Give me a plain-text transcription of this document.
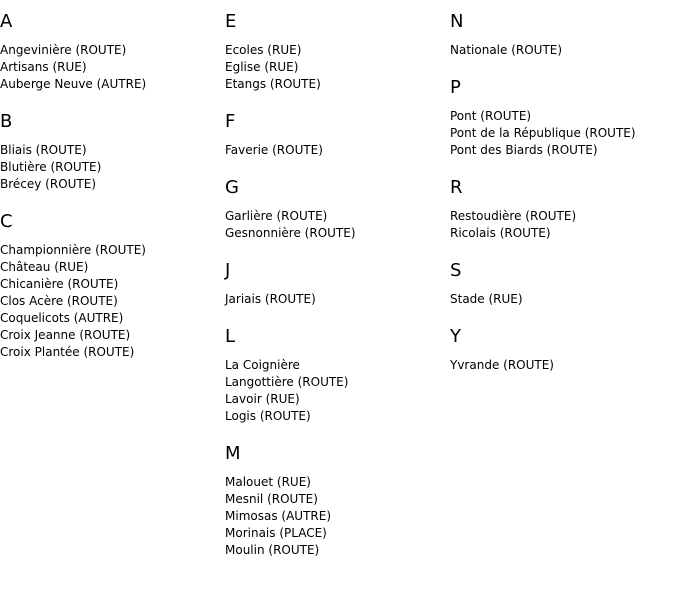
A
Angevinière (ROUTE)
Artisans (RUE)
Auberge Neuve (AUTRE)
B
Bliais (ROUTE)
Blutière (ROUTE)
Brécey (ROUTE)
C
Championnière (ROUTE)
Château (RUE)
Chicanière (ROUTE)
Clos Acère (ROUTE)
Coquelicots (AUTRE)
Croix Jeanne (ROUTE)
Croix Plantée (ROUTE)
E
Ecoles (RUE)
Eglise (RUE)
Etangs (ROUTE)
F
Faverie (ROUTE)
G
Garlière (ROUTE)
Gesnonnière (ROUTE)
J
Jariais (ROUTE)
L
La Coignière
Langottière (ROUTE)
Lavoir (RUE)
Logis (ROUTE)
M
Malouet (RUE)
Mesnil (ROUTE)
Mimosas (AUTRE)
Morinais (PLACE)
Moulin (ROUTE)
N
Nationale (ROUTE)
P
Pont (ROUTE)
Pont de la République (ROUTE)
Pont des Biards (ROUTE)
R
Restoudière (ROUTE)
Ricolais (ROUTE)
S
Stade (RUE)
Y
Yvrande (ROUTE)
